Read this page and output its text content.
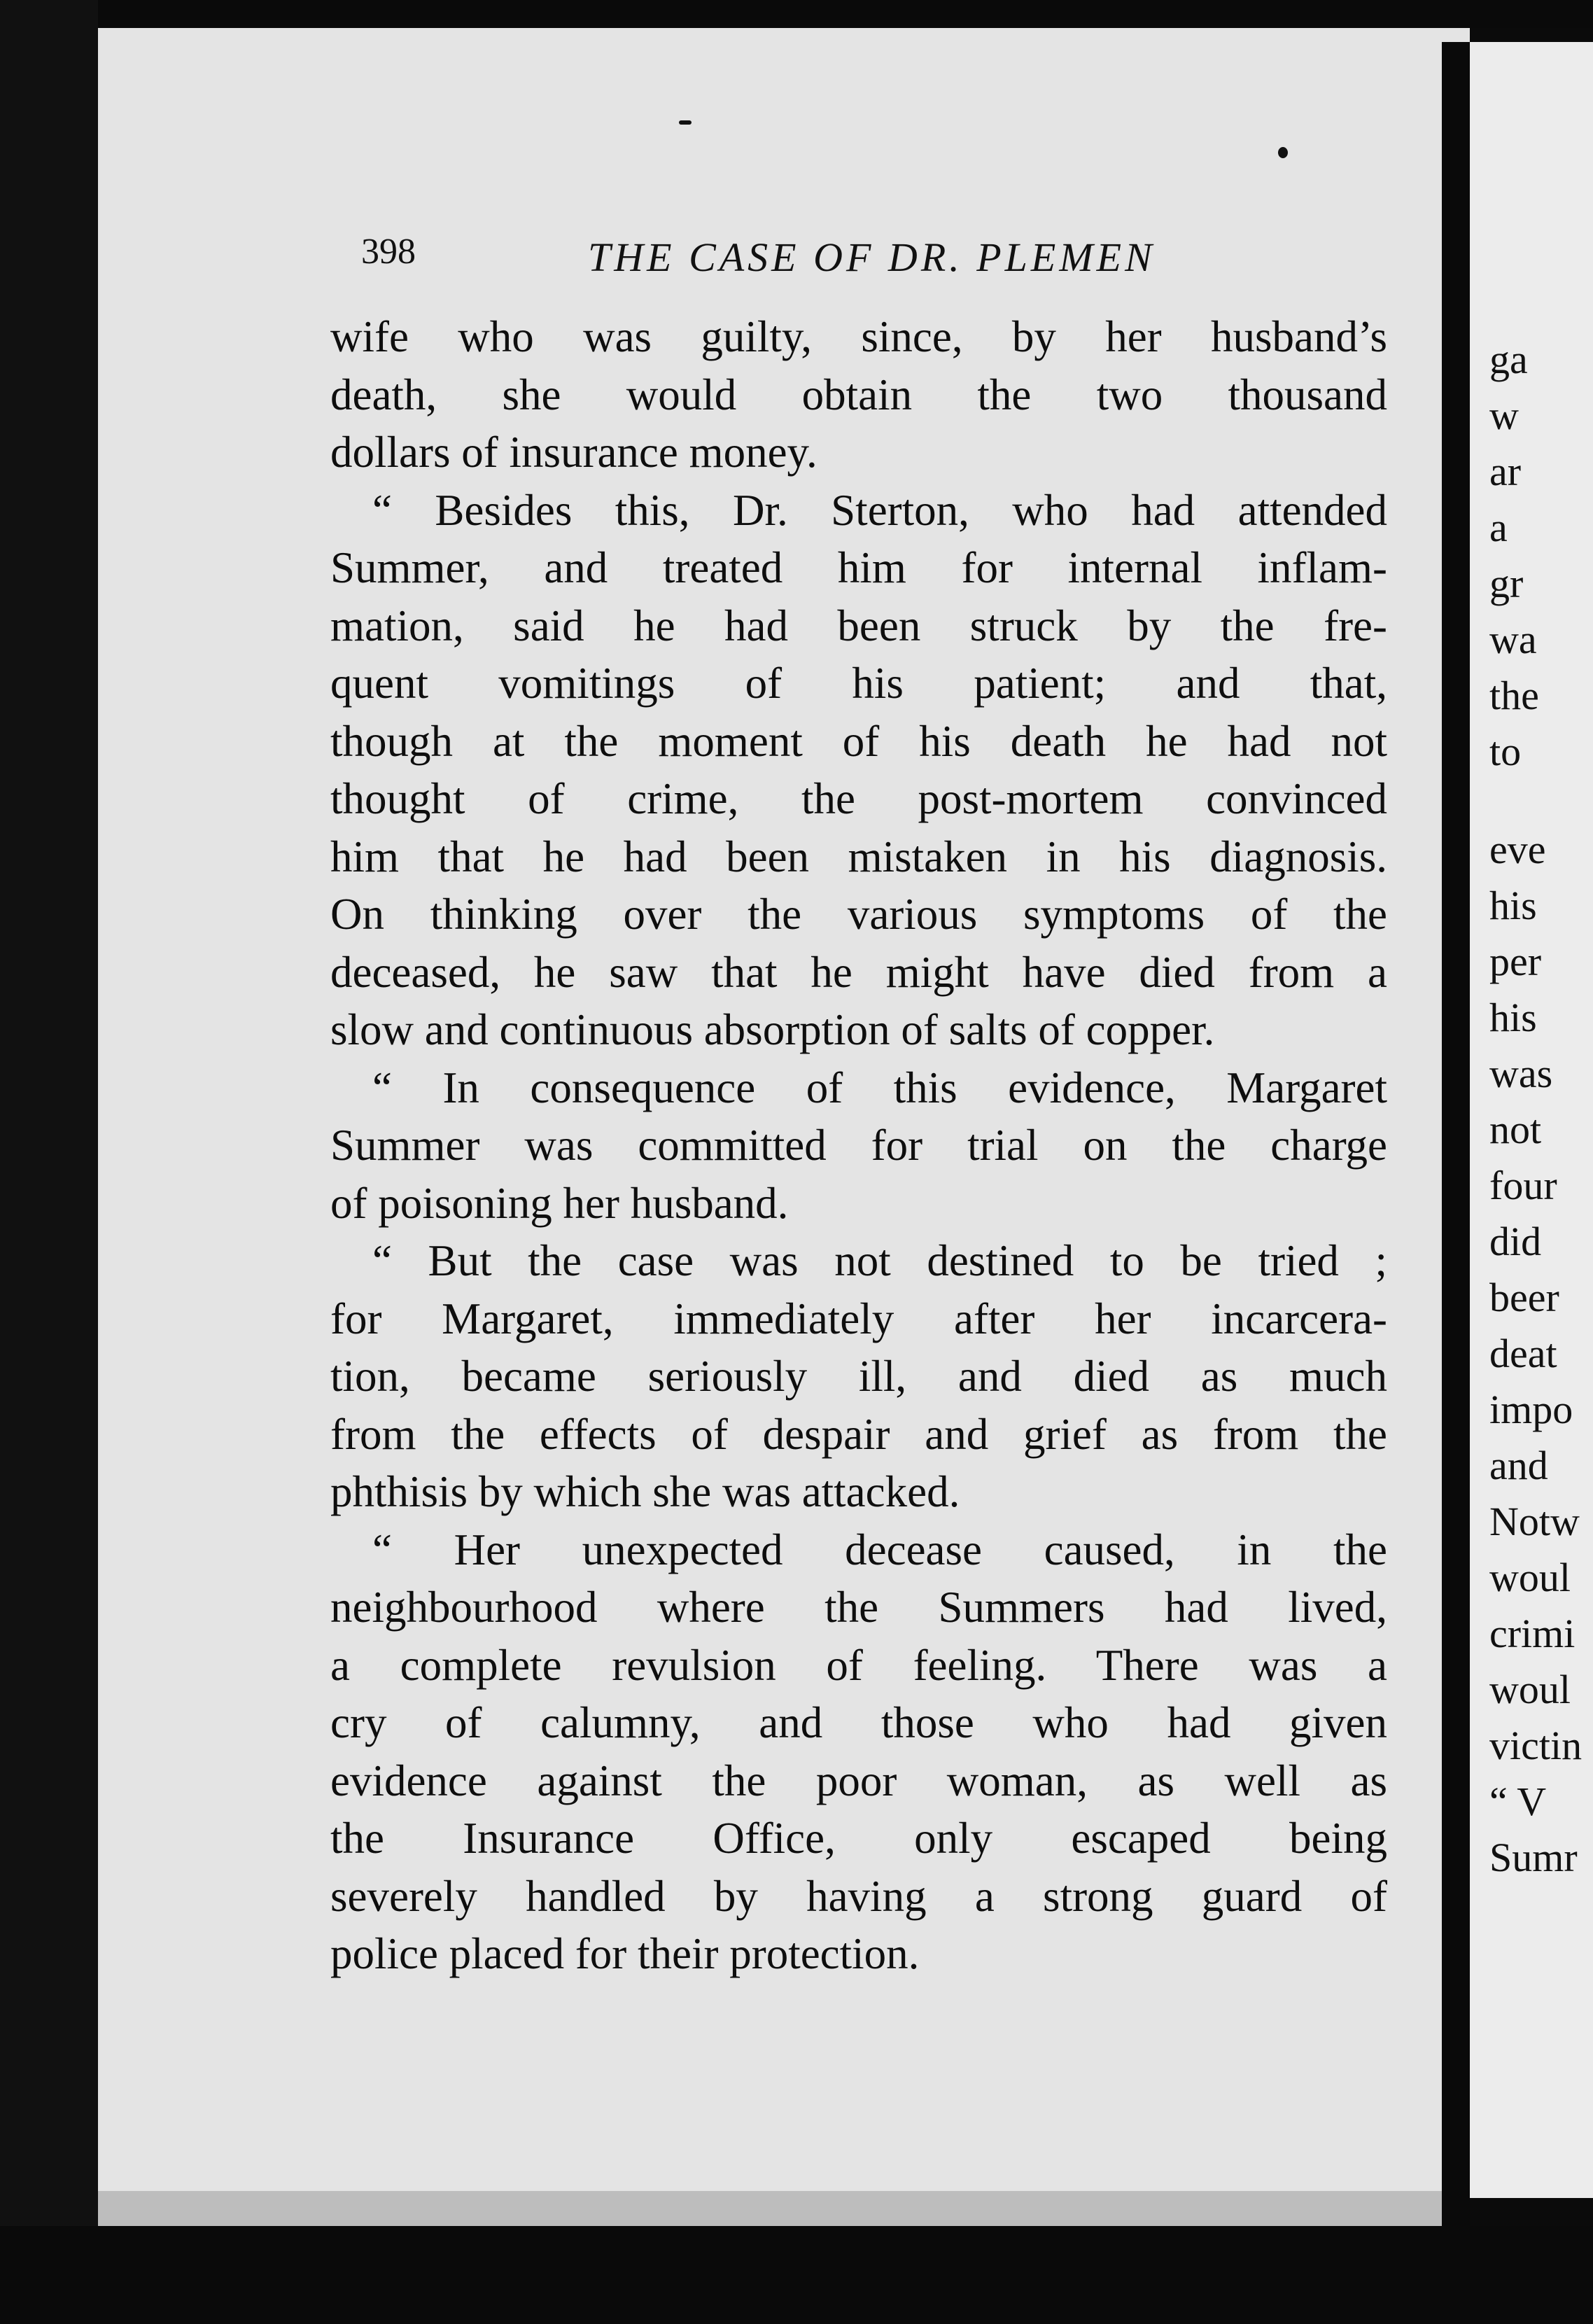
ga
w
ar
a
gr
wa
the
to
eve
his
per
his
was
not
four
did
beer
deat
impo
and
Notw
woul
crimi
woul
victin
“ V
Sumr
398	THE CASE OF DR. PLEMEN
wife who was guilty, since, by her husband’s
death, she would obtain the two thousand
dollars of insurance money.
“ Besides this, Dr. Sterton, who had attended
Summer, and treated him for internal inflam-
mation, said he had been struck by the fre-
quent vomitings of his patient; and that,
though at the moment of his death he had not
thought of crime, the post-mortem convinced
him that he had been mistaken in his diagnosis.
On thinking over the various symptoms of the
deceased, he saw that he might have died from a
slow and continuous absorption of salts of copper.
“ In consequence of this evidence, Margaret
Summer was committed for trial on the charge
of poisoning her husband.
“ But the case was not destined to be tried ;
for Margaret, immediately after her incarcera-
tion, became seriously ill, and died as much
from the effects of despair and grief as from the
phthisis by which she was attacked.
“ Her unexpected decease caused, in the
neighbourhood where the Summers had lived,
a complete revulsion of feeling. There was a
cry of calumny, and those who had given
evidence against the poor woman, as well as
the Insurance Office, only escaped being
severely handled by having a strong guard of
police placed for their protection.
